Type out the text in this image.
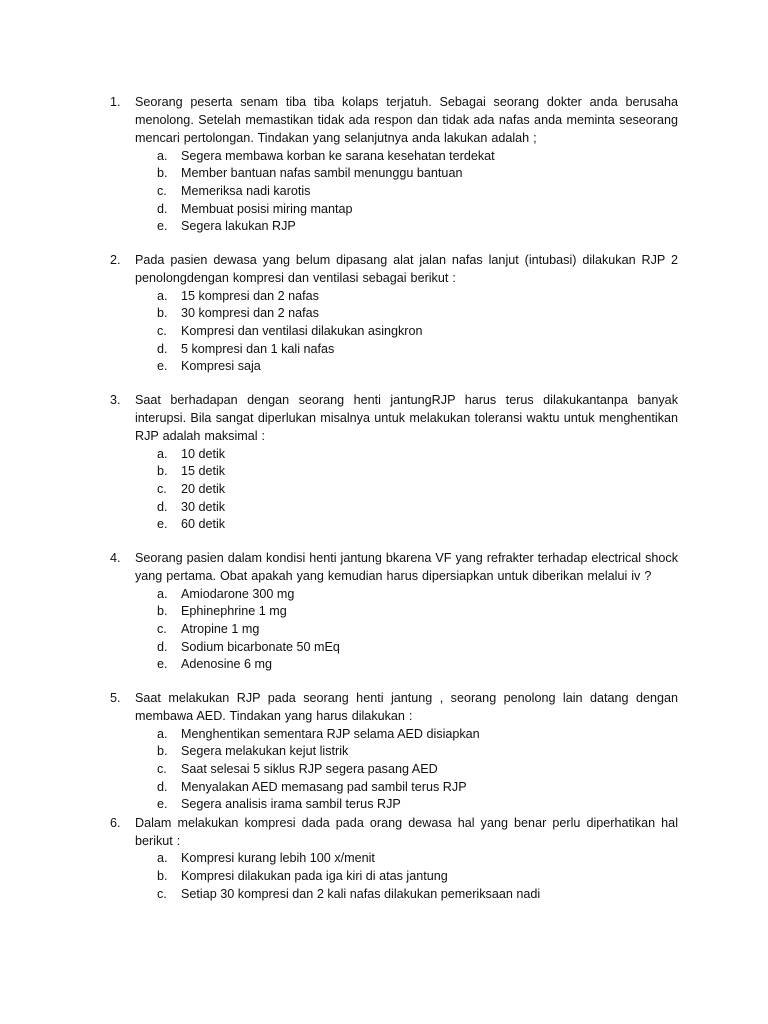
1. Seorang peserta senam tiba tiba kolaps terjatuh. Sebagai seorang dokter anda berusaha menolong. Setelah memastikan tidak ada respon dan tidak ada nafas anda meminta seseorang mencari pertolongan. Tindakan yang selanjutnya anda lakukan adalah ;
a. Segera membawa korban ke sarana kesehatan terdekat
b. Member bantuan nafas sambil menunggu bantuan
c. Memeriksa nadi karotis
d. Membuat posisi miring mantap
e. Segera lakukan RJP
2. Pada pasien dewasa yang belum dipasang alat jalan nafas lanjut (intubasi) dilakukan RJP 2 penolongdengan kompresi dan ventilasi sebagai berikut :
a. 15 kompresi dan 2 nafas
b. 30 kompresi dan 2 nafas
c. Kompresi dan ventilasi dilakukan asingkron
d. 5 kompresi dan 1 kali nafas
e. Kompresi saja
3. Saat berhadapan dengan seorang henti jantungRJP harus terus dilakukantanpa banyak interupsi. Bila sangat diperlukan misalnya untuk melakukan toleransi waktu untuk menghentikan RJP adalah maksimal :
a. 10 detik
b. 15 detik
c. 20 detik
d. 30 detik
e. 60 detik
4. Seorang pasien dalam kondisi henti jantung bkarena VF yang refrakter terhadap electrical shock yang pertama. Obat apakah yang kemudian harus dipersiapkan untuk diberikan melalui iv ?
a. Amiodarone 300 mg
b. Ephinephrine 1 mg
c. Atropine 1 mg
d. Sodium bicarbonate 50 mEq
e. Adenosine 6 mg
5. Saat melakukan RJP pada seorang henti jantung , seorang penolong lain datang dengan membawa AED. Tindakan yang harus dilakukan :
a. Menghentikan sementara RJP selama AED disiapkan
b. Segera melakukan kejut listrik
c. Saat selesai 5 siklus RJP segera pasang AED
d. Menyalakan AED memasang pad sambil terus RJP
e. Segera analisis irama sambil terus RJP
6. Dalam melakukan kompresi dada pada orang dewasa hal yang benar perlu diperhatikan hal berikut :
a. Kompresi kurang lebih 100 x/menit
b. Kompresi dilakukan pada iga kiri di atas jantung
c. Setiap 30 kompresi dan 2 kali nafas dilakukan pemeriksaan nadi
